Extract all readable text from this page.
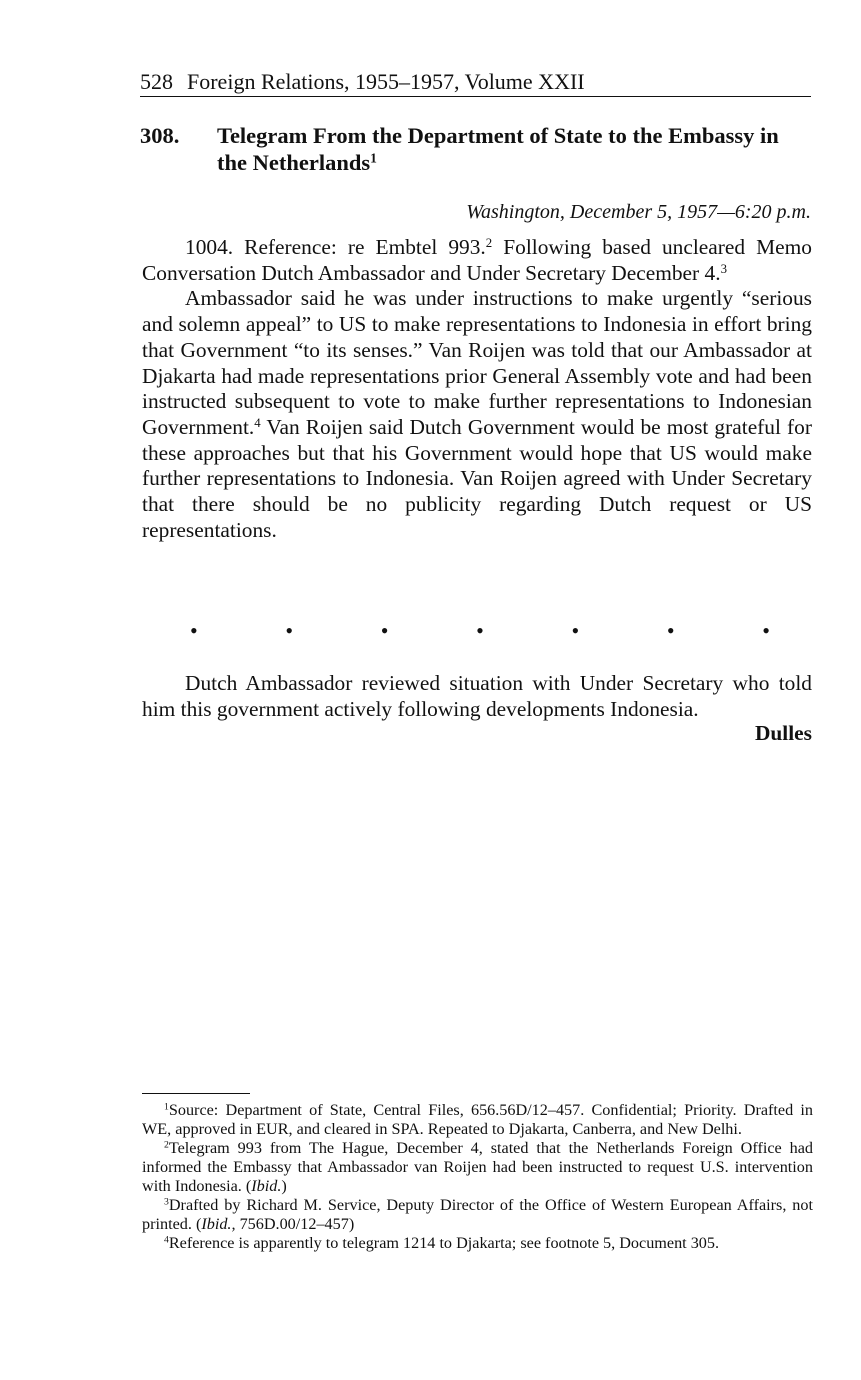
528 Foreign Relations, 1955–1957, Volume XXII
308. Telegram From the Department of State to the Embassy in the Netherlands$^1$
Washington, December 5, 1957—6:20 p.m.

1004. Reference: re Embtel 993.$^2$ Following based uncleared Memo Conversation Dutch Ambassador and Under Secretary December 4.$^3$

Ambassador said he was under instructions to make urgently “serious and solemn appeal” to US to make representations to Indonesia in effort bring that Government “to its senses.” Van Roijen was told that our Ambassador at Djakarta had made representations prior General Assembly vote and had been instructed subsequent to vote to make further representations to Indonesian Government.$^4$ Van Roijen said Dutch Government would be most grateful for these approaches but that his Government would hope that US would make further representations to Indonesia. Van Roijen agreed with Under Secretary that there should be no publicity regarding Dutch request or US representations.

•	•	•	•	•	•	•

Dutch Ambassador reviewed situation with Under Secretary who told him this government actively following developments Indonesia.

Dulles

$^1$Source: Department of State, Central Files, 656.56D/12–457. Confidential; Priority. Drafted in WE, approved in EUR, and cleared in SPA. Repeated to Djakarta, Canberra, and New Delhi.

$^2$Telegram 993 from The Hague, December 4, stated that the Netherlands Foreign Office had informed the Embassy that Ambassador van Roijen had been instructed to request U.S. intervention with Indonesia. (Ibid.)

$^3$Drafted by Richard M. Service, Deputy Director of the Office of Western European Affairs, not printed. (Ibid., 756D.00/12–457)

$^4$Reference is apparently to telegram 1214 to Djakarta; see footnote 5, Document 305.
